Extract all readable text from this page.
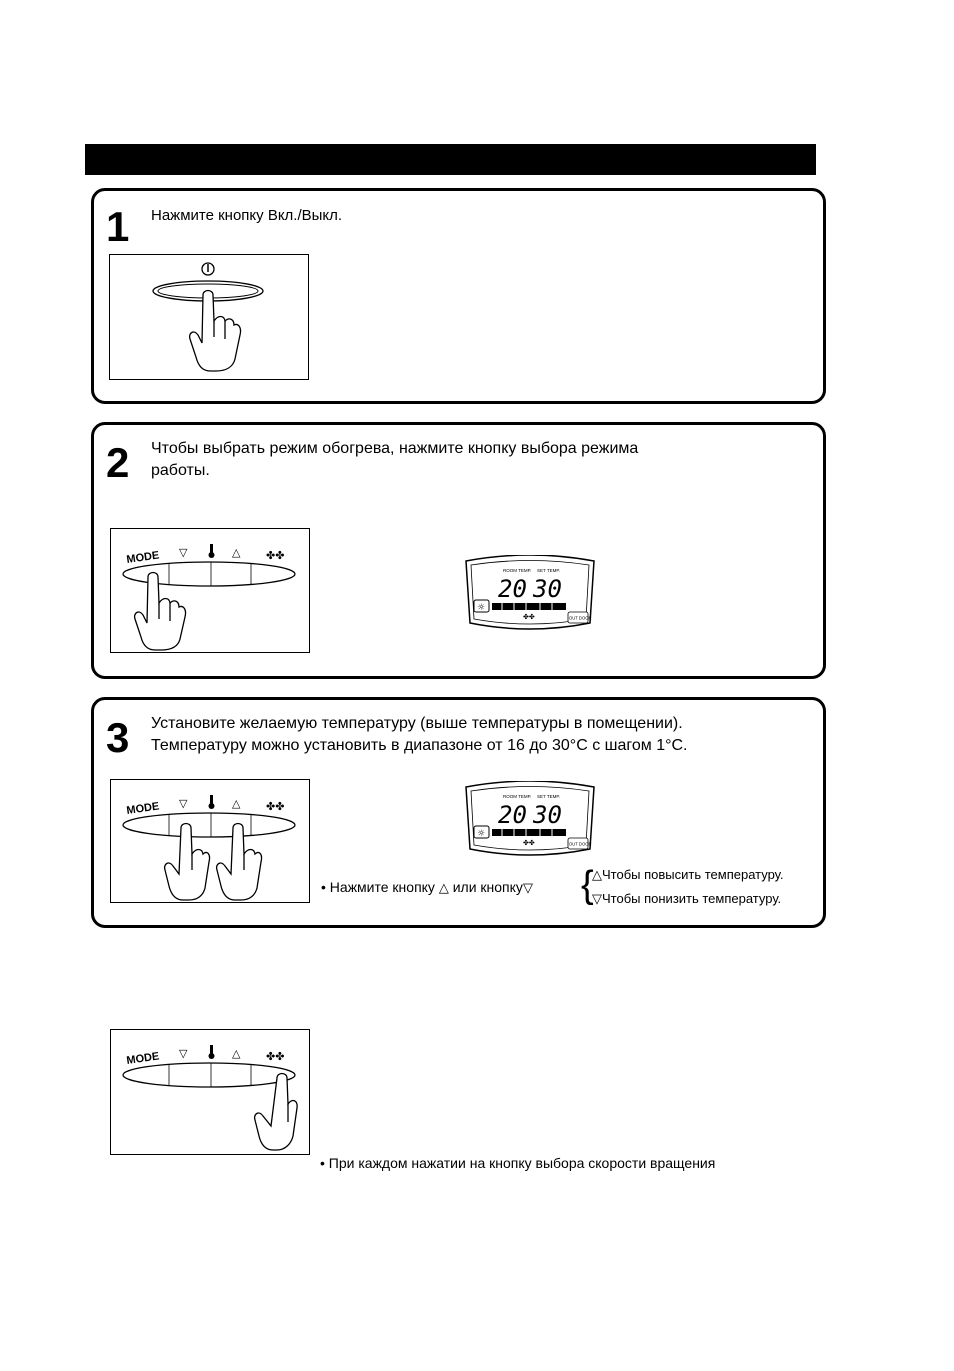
1 Нажмите кнопку Вкл./Выкл.
2 Чтобы выбрать режим обогрева, нажмите кнопку выбора режима
работы.
MODE ▽	△ ✤✤
ROOM TEMP. SET TEMP.
20 30
☼
✤✤	OUT DOOR
3 Установите желаемую температуру (выше температуры в помещении).
Температуру можно установить в диапазоне от 16 до 30°C с шагом 1°C.
MODE ▽	△ ✤✤
ROOM TEMP. SET TEMP.
20 30
☼
✤✤	OUT DOOR
• Нажмите кнопку △ или кнопку▽ {
△Чтобы повысить температуру.
▽Чтобы понизить температуру.
MODE ▽	△ ✤✤
• При каждом нажатии на кнопку выбора скорости вращения
